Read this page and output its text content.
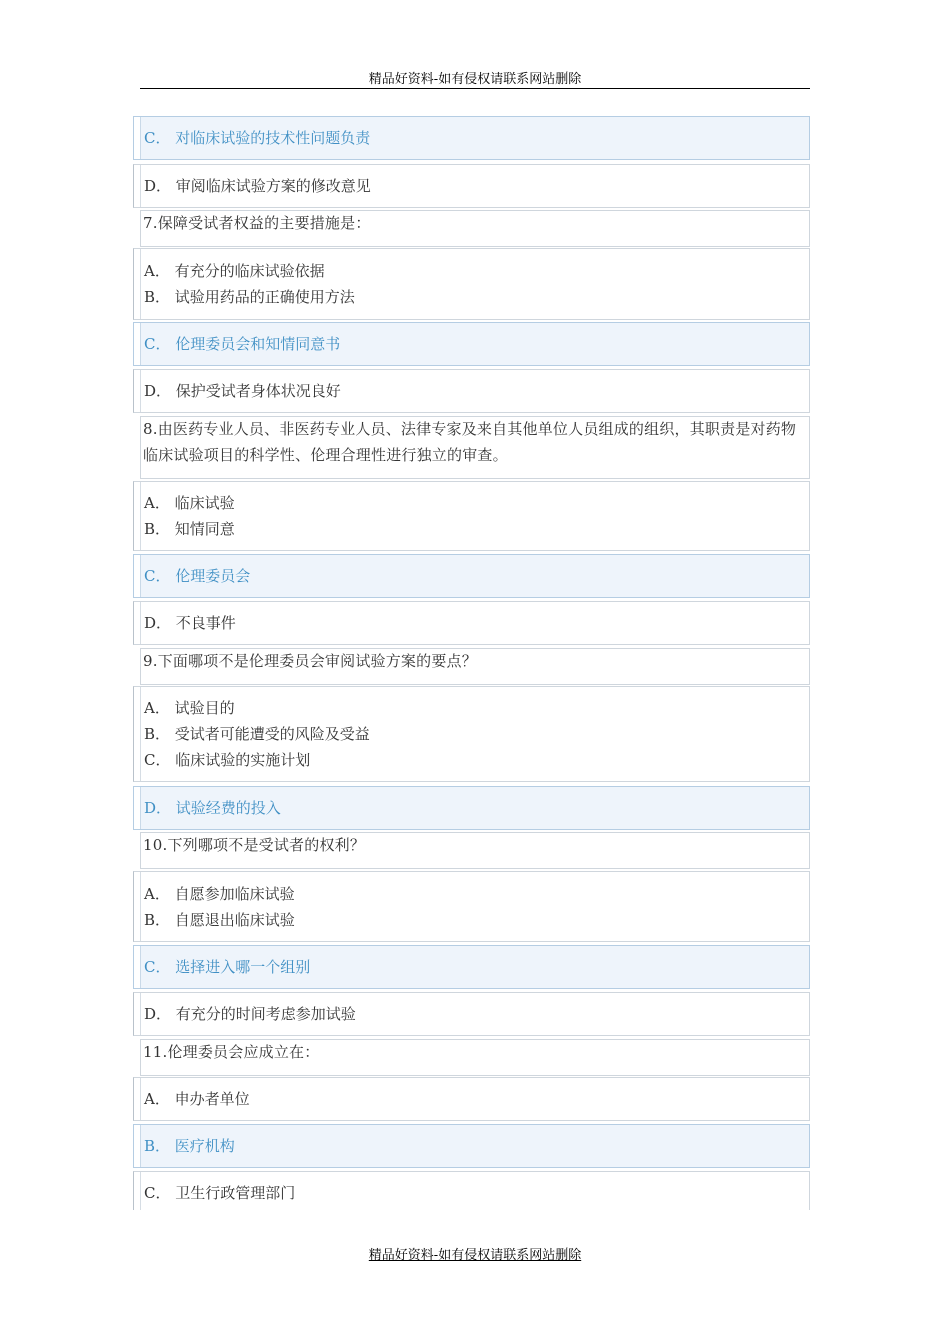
精品好资料-如有侵权请联系网站删除
C． 对临床试验的技术性问题负责
D． 审阅临床试验方案的修改意见
7.保障受试者权益的主要措施是：
A． 有充分的临床试验依据
B． 试验用药品的正确使用方法
C． 伦理委员会和知情同意书
D． 保护受试者身体状况良好
8.由医药专业人员、非医药专业人员、法律专家及来自其他单位人员组成的组织，其职责是对药物临床试验项目的科学性、伦理合理性进行独立的审查。
A． 临床试验
B． 知情同意
C． 伦理委员会
D． 不良事件
9.下面哪项不是伦理委员会审阅试验方案的要点？
A． 试验目的
B． 受试者可能遭受的风险及受益
C． 临床试验的实施计划
D． 试验经费的投入
10.下列哪项不是受试者的权利？
A． 自愿参加临床试验
B． 自愿退出临床试验
C． 选择进入哪一个组别
D． 有充分的时间考虑参加试验
11.伦理委员会应成立在：
A． 申办者单位
B． 医疗机构
C． 卫生行政管理部门
精品好资料-如有侵权请联系网站删除
